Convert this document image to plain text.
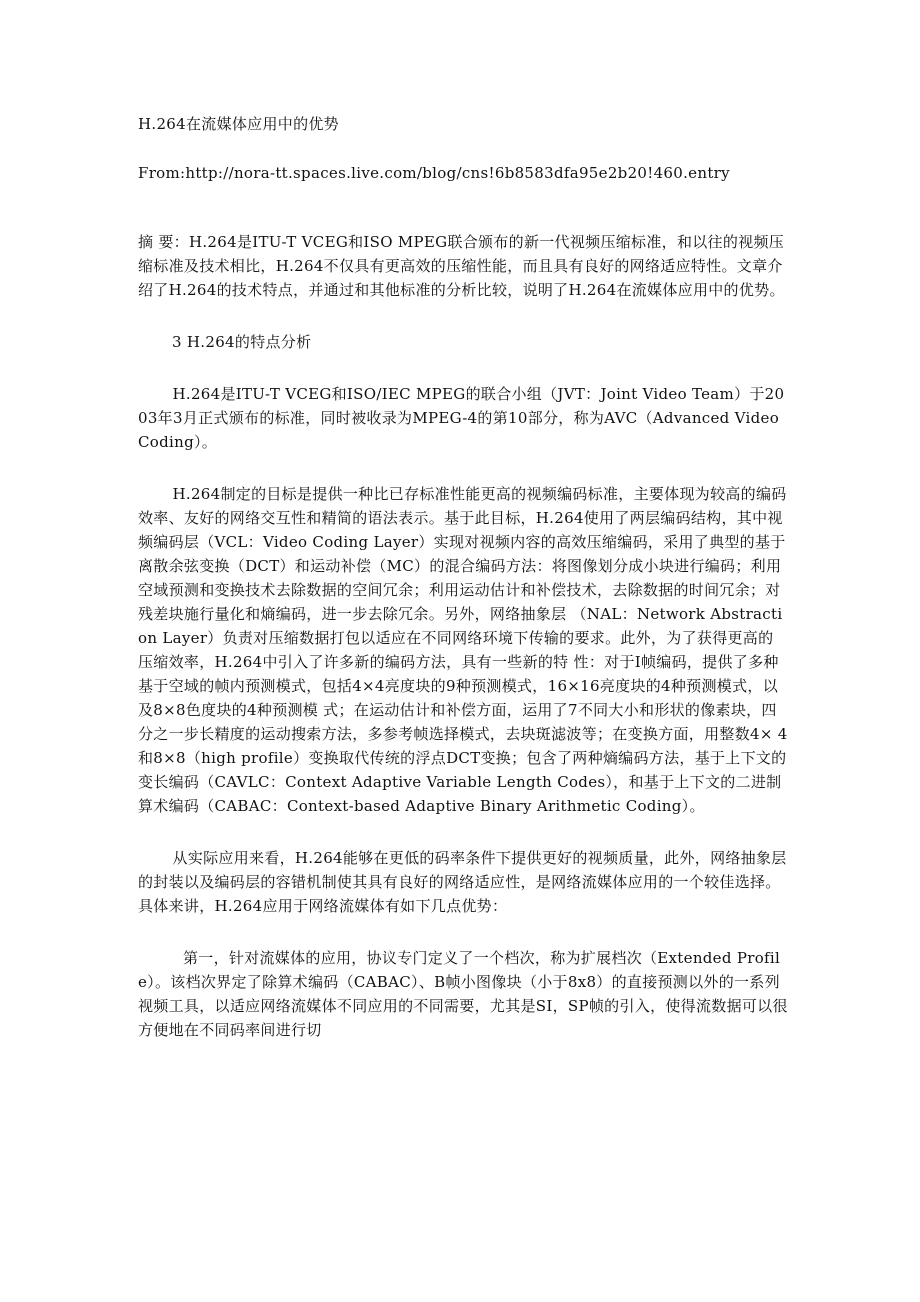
H.264在流媒体应用中的优势

From:http://nora-tt.spaces.live.com/blog/cns!6b8583dfa95e2b20!460.entry

摘 要：H.264是ITU-T VCEG和ISO MPEG联合颁布的新一代视频压缩标准，和以往的视频压缩标准及技术相比，H.264不仅具有更高效的压缩性能，而且具有良好的网络适应特性。文章介绍了H.264的技术特点，并通过和其他标准的分析比较，说明了H.264在流媒体应用中的优势。

3 H.264的特点分析

H.264是ITU-T VCEG和ISO/IEC MPEG的联合小组（JVT：Joint Video Team）于2003年3月正式颁布的标准，同时被收录为MPEG-4的第10部分，称为AVC（Advanced Video Coding）。

H.264制定的目标是提供一种比已存标准性能更高的视频编码标准，主要体现为较高的编码效率、友好的网络交互性和精简的语法表示。基于此目标，H.264使用了两层编码结构，其中视频编码层（VCL：Video Coding Layer）实现对视频内容的高效压缩编码，采用了典型的基于离散余弦变换（DCT）和运动补偿（MC）的混合编码方法：将图像划分成小块进行编码；利用 空域预测和变换技术去除数据的空间冗余；利用运动估计和补偿技术，去除数据的时间冗余；对残差块施行量化和熵编码，进一步去除冗余。另外，网络抽象层 （NAL：Network Abstraction Layer）负责对压缩数据打包以适应在不同网络环境下传输的要求。此外，为了获得更高的压缩效率，H.264中引入了许多新的编码方法，具有一些新的特 性：对于I帧编码，提供了多种基于空域的帧内预测模式，包括4×4亮度块的9种预测模式，16×16亮度块的4种预测模式，以及8×8色度块的4种预测模 式；在运动估计和补偿方面，运用了7不同大小和形状的像素块，四分之一步长精度的运动搜索方法，多参考帧选择模式，去块斑滤波等；在变换方面，用整数4× 4和8×8（high profile）变换取代传统的浮点DCT变换；包含了两种熵编码方法，基于上下文的变长编码（CAVLC：Context Adaptive Variable Length Codes），和基于上下文的二进制算术编码（CABAC：Context-based Adaptive Binary Arithmetic Coding）。

从实际应用来看，H.264能够在更低的码率条件下提供更好的视频质量，此外，网络抽象层的封装以及编码层的容错机制使其具有良好的网络适应性，是网络流媒体应用的一个较佳选择。具体来讲，H.264应用于网络流媒体有如下几点优势：

第一，针对流媒体的应用，协议专门定义了一个档次，称为扩展档次（Extended Profile）。该档次界定了除算术编码（CABAC）、B帧小图像块（小于8x8）的直接预测以外的一系列视频工具，以适应网络流媒体不同应用的不同需要，尤其是SI，SP帧的引入，使得流数据可以很方便地在不同码率间进行切
